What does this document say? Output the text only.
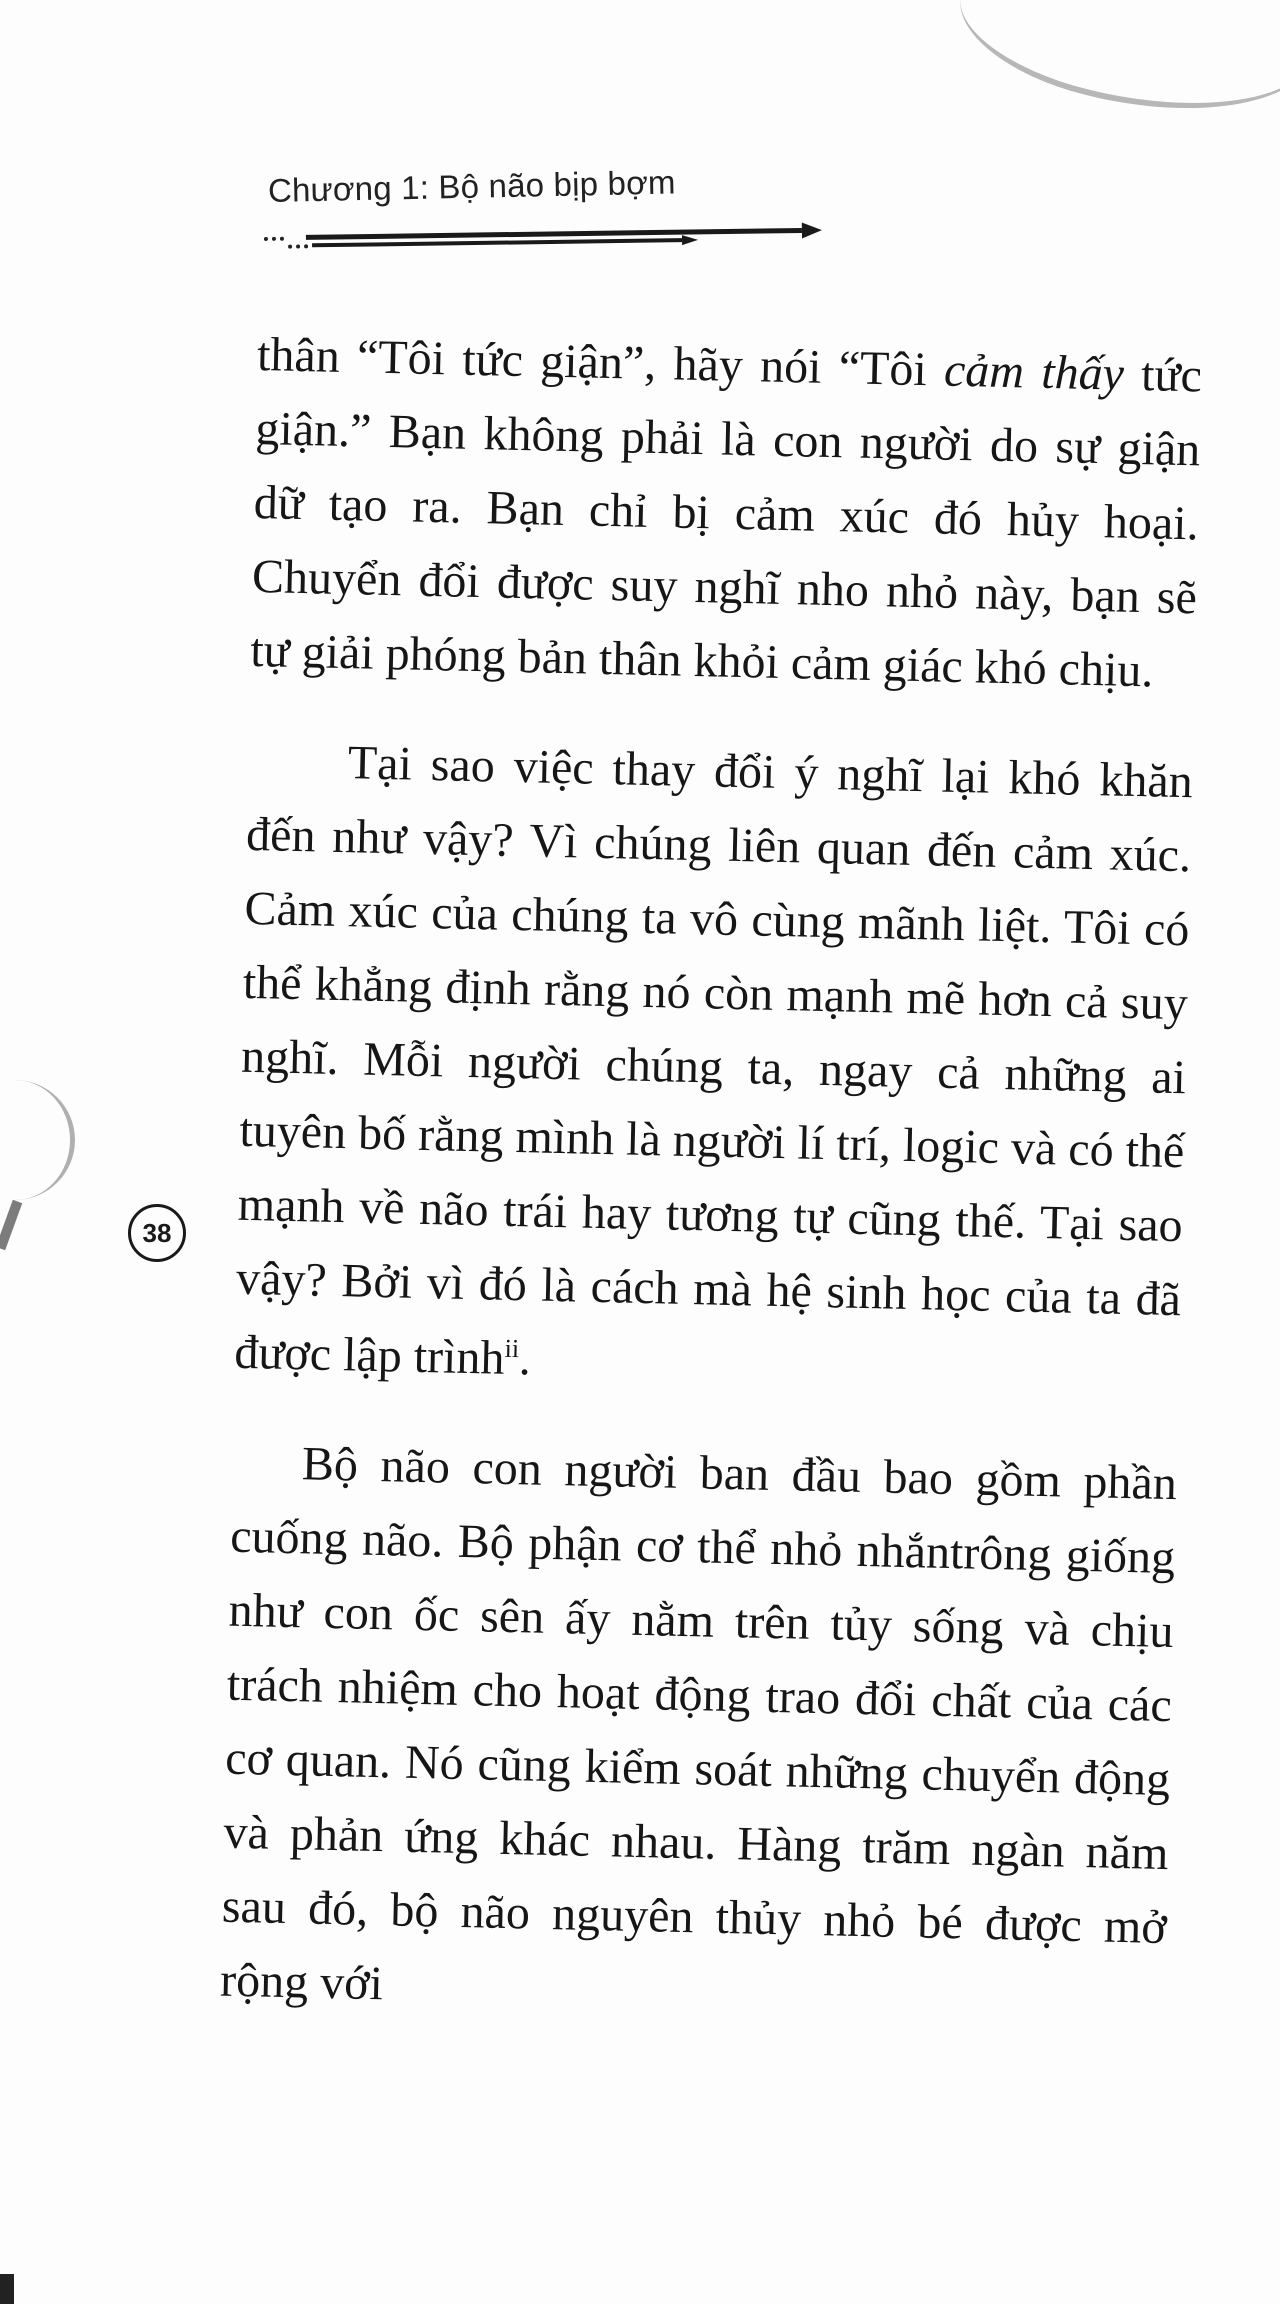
Chương 1: Bộ não bịp bợm

thân “Tôi tức giận”, hãy nói “Tôi cảm thấy tức giận.” Bạn không phải là con người do sự giận dữ tạo ra. Bạn chỉ bị cảm xúc đó hủy hoại. Chuyển đổi được suy nghĩ nho nhỏ này, bạn sẽ tự giải phóng bản thân khỏi cảm giác khó chịu.

Tại sao việc thay đổi ý nghĩ lại khó khăn đến như vậy? Vì chúng liên quan đến cảm xúc. Cảm xúc của chúng ta vô cùng mãnh liệt. Tôi có thể khẳng định rằng nó còn mạnh mẽ hơn cả suy nghĩ. Mỗi người chúng ta, ngay cả những ai tuyên bố rằng mình là người lí trí, logic và có thế mạnh về não trái hay tương tự cũng thế. Tại sao vậy? Bởi vì đó là cách mà hệ sinh học của ta đã được lập trình$^{ii}$.

Bộ não con người ban đầu bao gồm phần cuống não. Bộ phận cơ thể nhỏ nhắntrông giống như con ốc sên ấy nằm trên tủy sống và chịu trách nhiệm cho hoạt động trao đổi chất của các cơ quan. Nó cũng kiểm soát những chuyển động và phản ứng khác nhau. Hàng trăm ngàn năm sau đó, bộ não nguyên thủy nhỏ bé được mở rộng với

38
